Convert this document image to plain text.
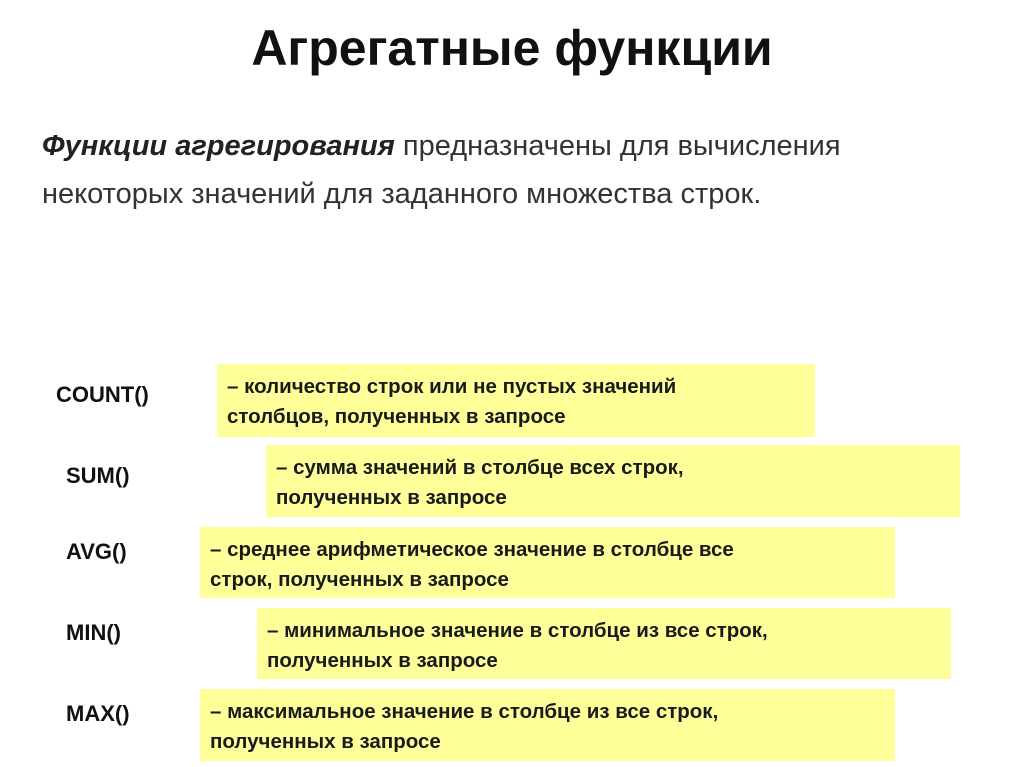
Агрегатные функции

Функции агрегирования предназначены для вычисления некоторых значений для заданного множества строк.

COUNT()	– количество строк или не пустых значений
столбцов, полученных в запросе
SUM()	– сумма значений в столбце всех строк,
полученных в запросе
AVG()	– среднее арифметическое значение в столбце все
строк, полученных в запросе
MIN()	– минимальное значение в столбце из все строк,
полученных в запросе
MAX()	– максимальное значение в столбце из все строк,
полученных в запросе
